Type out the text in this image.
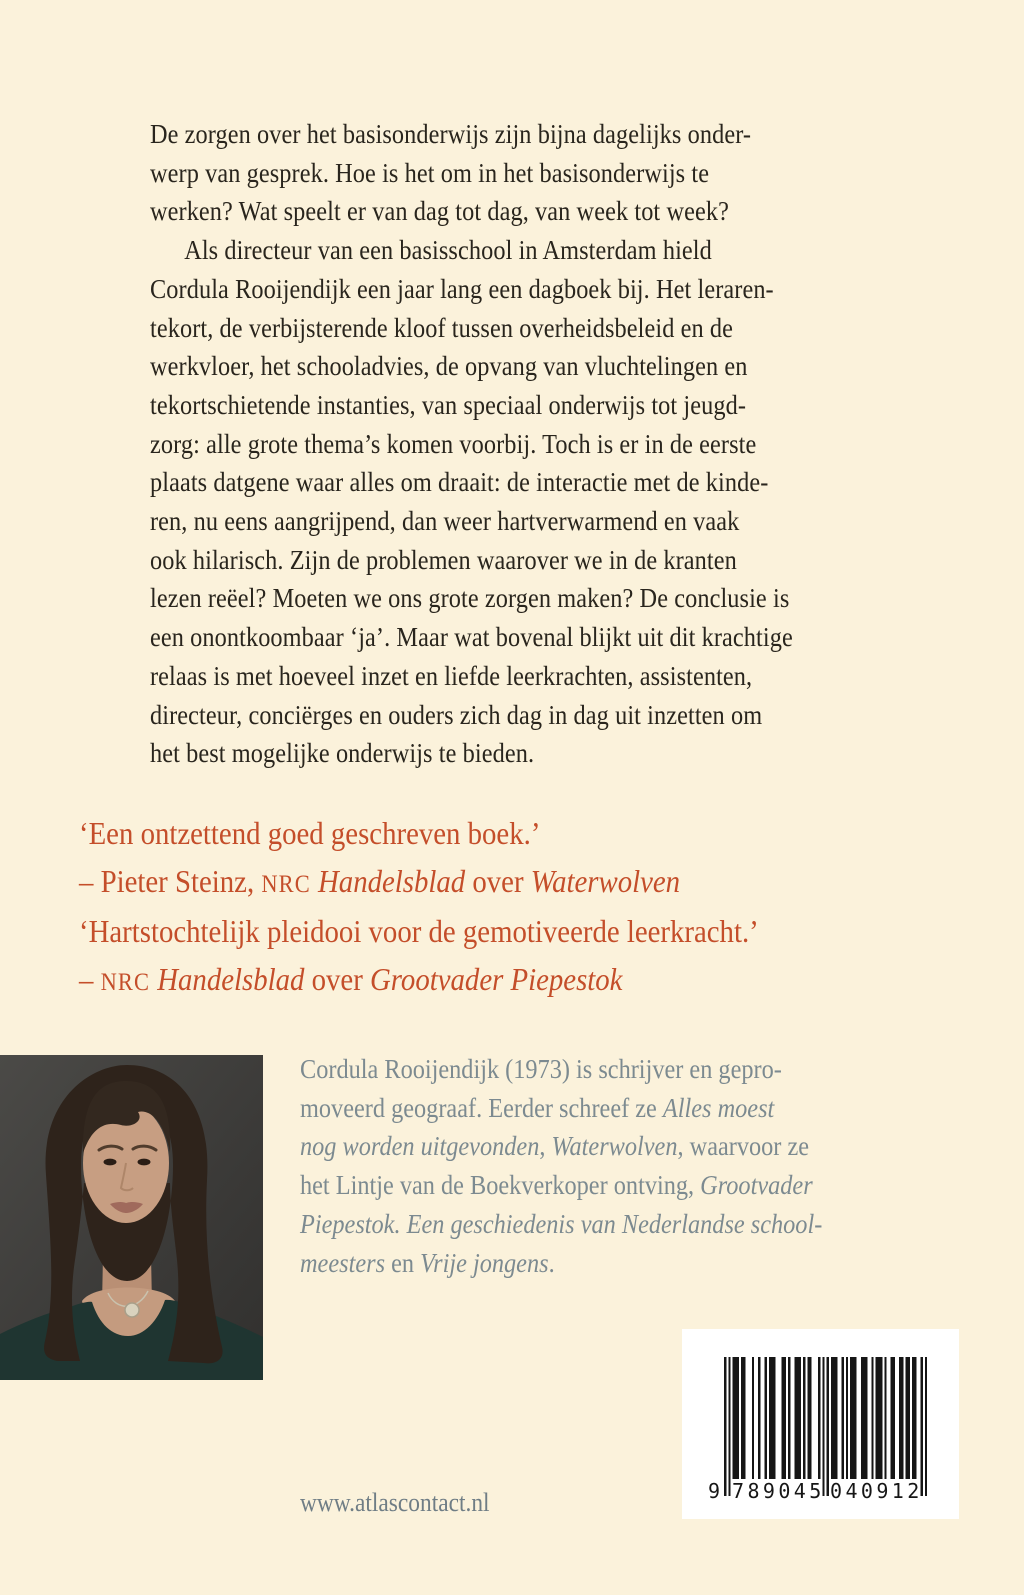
De zorgen over het basisonderwijs zijn bijna dagelijks onder-
werp van gesprek. Hoe is het om in het basisonderwijs te
werken? Wat speelt er van dag tot dag, van week tot week?
Als directeur van een basisschool in Amsterdam hield
Cordula Rooijendijk een jaar lang een dagboek bij. Het leraren-
tekort, de verbijsterende kloof tussen overheidsbeleid en de
werkvloer, het schooladvies, de opvang van vluchtelingen en
tekortschietende instanties, van speciaal onderwijs tot jeugd-
zorg: alle grote thema’s komen voorbij. Toch is er in de eerste
plaats datgene waar alles om draait: de interactie met de kinde-
ren, nu eens aangrijpend, dan weer hartverwarmend en vaak
ook hilarisch. Zijn de problemen waarover we in de kranten
lezen reëel? Moeten we ons grote zorgen maken? De conclusie is
een onontkoombaar ‘ja’. Maar wat bovenal blijkt uit dit krachtige
relaas is met hoeveel inzet en liefde leerkrachten, assistenten,
directeur, conciërges en ouders zich dag in dag uit inzetten om
het best mogelijke onderwijs te bieden.
‘Een ontzettend goed geschreven boek.’
– Pieter Steinz, NRC Handelsblad over Waterwolven
‘Hartstochtelijk pleidooi voor de gemotiveerde leerkracht.’
– NRC Handelsblad over Grootvader Piepestok
Cordula Rooijendijk (1973) is schrijver en gepro-
moveerd geograaf. Eerder schreef ze Alles moest
nog worden uitgevonden, Waterwolven, waarvoor ze
het Lintje van de Boekverkoper ontving, Grootvader
Piepestok. Een geschiedenis van Nederlandse school-
meesters en Vrije jongens.
www.atlascontact.nl	9 789045 040912
